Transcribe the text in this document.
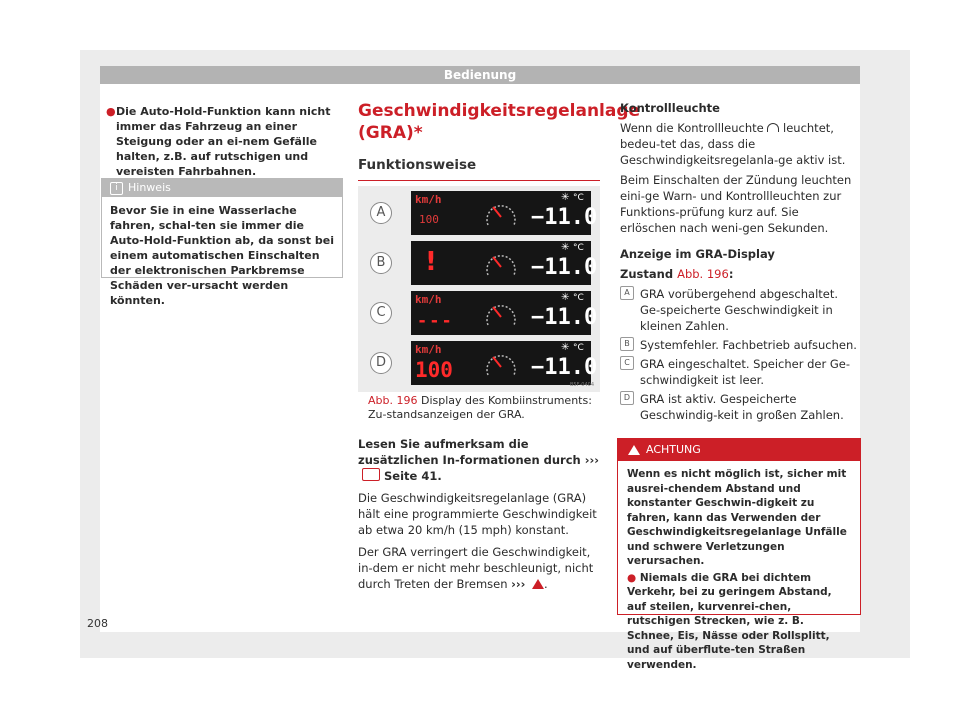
Bedienung
● Die Auto-Hold-Funktion kann nicht immer das Fahrzeug an einer Steigung oder an ei-nem Gefälle halten, z.B. auf rutschigen und vereisten Fahrbahnen.
i Hinweis
Bevor Sie in eine Wasserlache fahren, schal-ten sie immer die Auto-Hold-Funktion ab, da sonst bei einem automatischen Einschalten der elektronischen Parkbremse Schäden ver-ursacht werden könnten.
Geschwindigkeitsregelanlage (GRA)*
Funktionsweise
A
km/h
100
✳ °C
−11.0
B !	✳ °C
−11.0
C
km/h
---
✳ °C
−11.0
D
km/h
100
✳ °C
−11.0
B5F-0404
Abb. 196 Display des Kombiinstruments: Zu-standsanzeigen der GRA.
Lesen Sie aufmerksam die zusätzlichen In-formationen durch ››› Seite 41.
Die Geschwindigkeitsregelanlage (GRA) hält eine programmierte Geschwindigkeit ab etwa 20 km/h (15 mph) konstant.
Der GRA verringert die Geschwindigkeit, in-dem er nicht mehr beschleunigt, nicht durch Treten der Bremsen ››› .
Kontrollleuchte
Wenn die Kontrollleuchte leuchtet, bedeu-tet das, dass die Geschwindigkeitsregelanla-ge aktiv ist.
Beim Einschalten der Zündung leuchten eini-ge Warn- und Kontrollleuchten zur Funktions-prüfung kurz auf. Sie erlöschen nach weni-gen Sekunden.
Anzeige im GRA-Display
Zustand Abb. 196:
A GRA vorübergehend abgeschaltet. Ge-speicherte Geschwindigkeit in kleinen Zahlen.
B Systemfehler. Fachbetrieb aufsuchen.
C GRA eingeschaltet. Speicher der Ge-schwindigkeit ist leer.
D GRA ist aktiv. Gespeicherte Geschwindig-keit in großen Zahlen.
ACHTUNG
Wenn es nicht möglich ist, sicher mit ausrei-chendem Abstand und konstanter Geschwin-digkeit zu fahren, kann das Verwenden der Geschwindigkeitsregelanlage Unfälle und schwere Verletzungen verursachen.
● Niemals die GRA bei dichtem Verkehr, bei zu geringem Abstand, auf steilen, kurvenrei-chen, rutschigen Strecken, wie z. B. Schnee, Eis, Nässe oder Rollsplitt, und auf überflute-ten Straßen verwenden.
208
